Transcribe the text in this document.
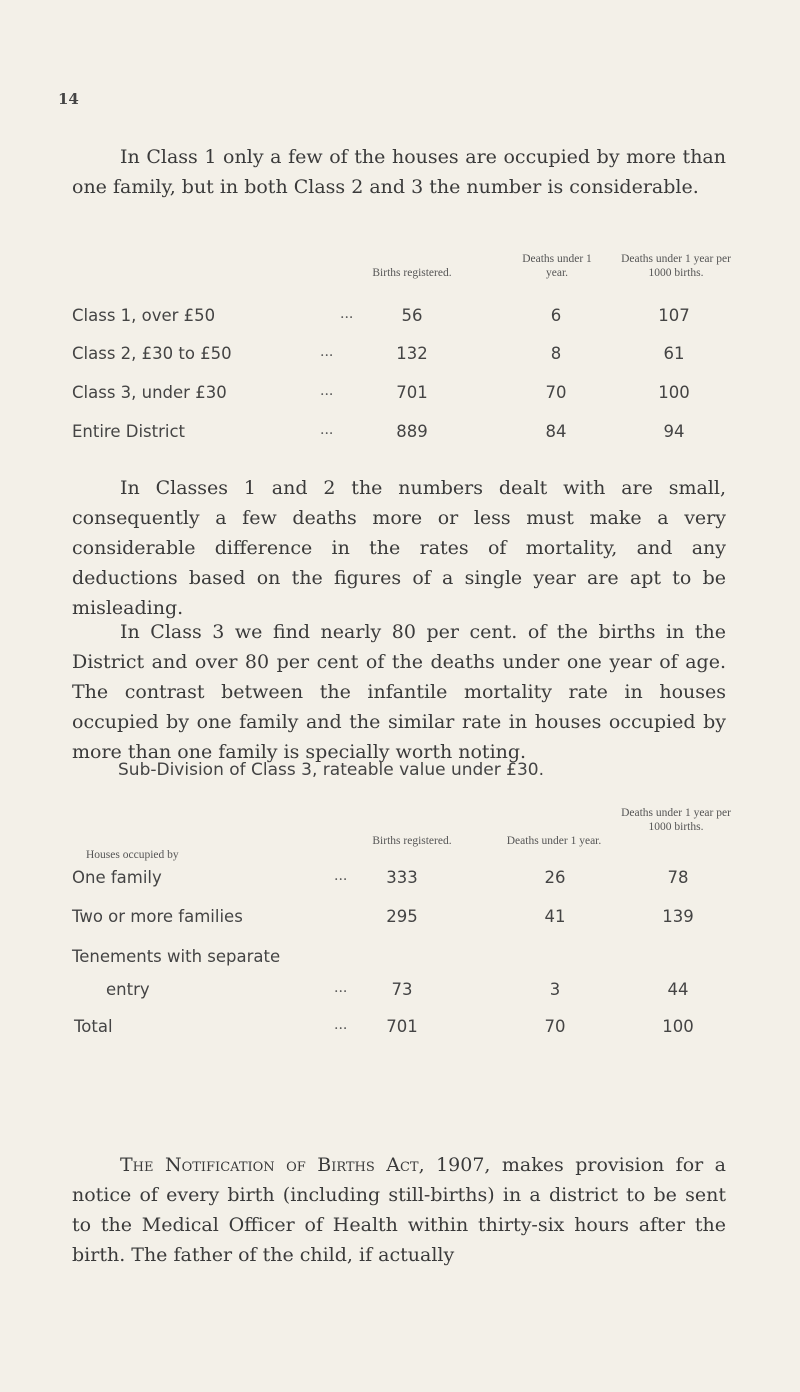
14

In Class 1 only a few of the houses are occupied by more than one family, but in both Class 2 and 3 the number is considerable.

Births registered.
Deaths under 1 year.
Deaths under 1 year per 1000 births.
Class 1, over £50	...	56	6	107
Class 2, £30 to £50	...	132	8	61
Class 3, under £30	...	701	70	100
Entire District	...	889	84	94

In Classes 1 and 2 the numbers dealt with are small, consequently a few deaths more or less must make a very considerable difference in the rates of mortality, and any deductions based on the figures of a single year are apt to be misleading.

In Class 3 we find nearly 80 per cent. of the births in the District and over 80 per cent of the deaths under one year of age. The contrast between the infantile mortality rate in houses occupied by one family and the similar rate in houses occupied by more than one family is specially worth noting.

Sub-Division of Class 3, rateable value under £30.
Houses occupied by
Births registered.	Deaths under 1 year.
Deaths under 1 year per 1000 births.
One family	...	333	26	78
Two or more families	295	41	139
Tenements with separate
entry	...	73	3	44
Total	...	701	70	100

The Notification of Births Act, 1907, makes provision for a notice of every birth (including still-births) in a district to be sent to the Medical Officer of Health within thirty-six hours after the birth. The father of the child, if actually
